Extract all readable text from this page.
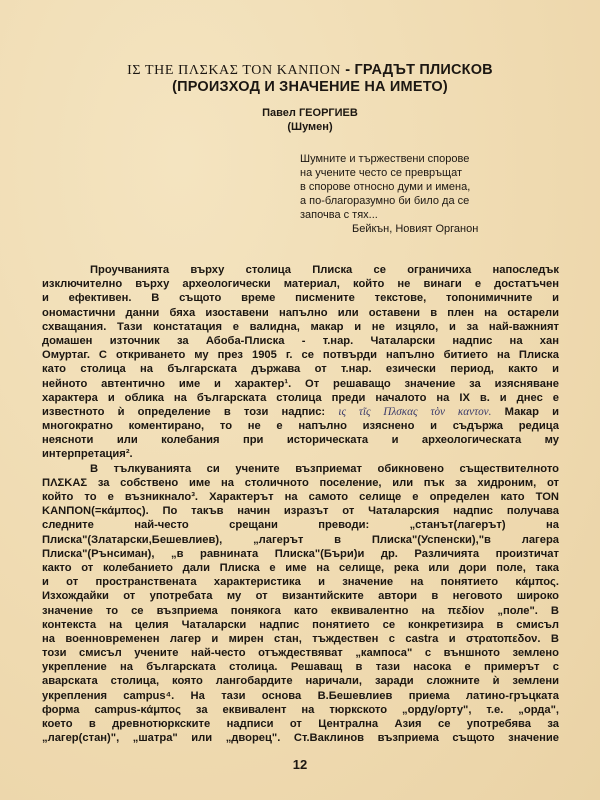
ΙΣ ΤΗΕ ΠΛΣΚΑΣ ΤΟΝ ΚΑΝΠΟΝ - ГРАДЪТ ПЛИСКОВ
(ПРОИЗХОД И ЗНАЧЕНИЕ НА ИМЕТО)
Павел ГЕОРГИЕВ
(Шумен)
Шумните и тържествени спорове
на учените често се превръщат
в спорове относно думи и имена,
а по-благоразумно би било да се
започва с тях...
Бейкън, Новият Органон
Проучванията върху столица Плиска се ограничиха напоследък
изключително върху археологически материал, който не винаги е достатъчен
и ефективен. В същото време писмените текстове, топонимичните и
ономастични данни бяха изоставени напълно или оставени в плен на остарели
схващания. Тази констатация е валидна, макар и не изцяло, и за най-важният
домашен източник за Абоба-Плиска - т.нар. Чаталарски надпис на хан
Омуртаг. С откриването му през 1905 г. се потвърди напълно битието на Плиска
като столица на българската държава от т.нар. езически период, както и
нейното автентично име и характер¹. От решаващо значение за изясняване
характера и облика на българската столица преди началото на IX в. и днес е
известното ѝ определение в този надпис: ις τῖς Πλσκας τὸν καντον. Макар и
многократно коментирано, то не е напълно изяснено и съдържа редица
неясноти или колебания при историческата и археологическата му
интерпретация².
В тълкуванията си учените възприемат обикновено съществителното
ΠΛΣΚΑΣ за собствено име на столичното поселение, или пък за хидроним, от
който то е възникнало³. Характерът на самото селище е определен като ΤΟΝ
ΚΑΝΠΟΝ(=κάμπος). По такъв начин изразът от Чаталарския надпис получава
следните най-често срещани преводи: „станът(лагерът) на
Плиска"(Златарски,Бешевлиев), „лагерът в Плиска"(Успенски),"в лагера
Плиска"(Рънсиман), „в равнината Плиска"(Бъри)и др. Различията произтичат
както от колебанието дали Плиска е име на селище, река или дори поле, така
и от пространствената характеристика и значение на понятието κάμπος.
Изхождайки от употребата му от византийските автори в неговото широко
значение то се възприема понякога като еквивалентно на πεδίον „поле". В
контекста на целия Чаталарски надпис понятието се конкретизира в смисъл
на военновременен лагер и мирен стан, тъждествен с castra и στρατοπεδον. В
този смисъл учените най-често отъждествяват „кампоса" с външното землено
укрепление на българската столица. Решаващ в тази насока е примерът с
аварската столица, която лангобардите наричали, заради сложните ѝ землени
укрепления campus⁴. На тази основа В.Бешевлиев приема латино-гръцката
форма campus-κάμπος за еквивалент на тюркското „орду/орту", т.е. „орда",
което в древнотюркските надписи от Централна Азия се употребява за
„лагер(стан)", „шатра" или „дворец". Ст.Ваклинов възприема същото значение
12
